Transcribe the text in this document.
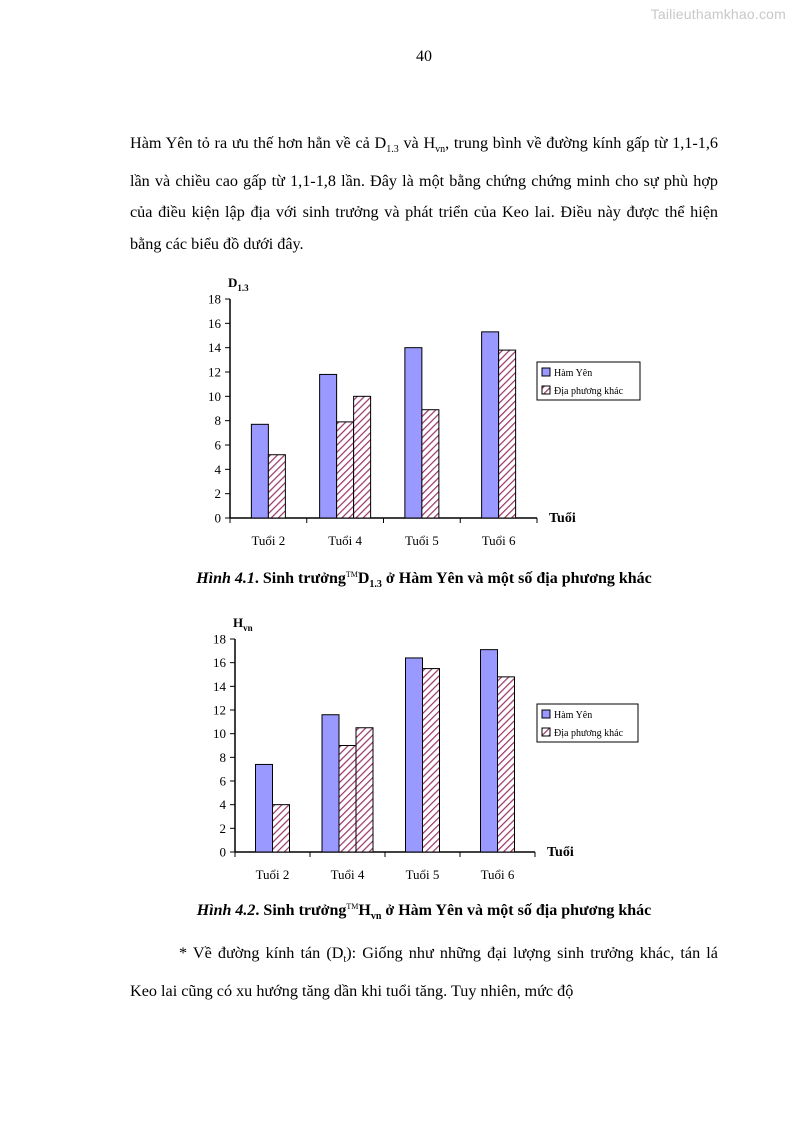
Tailieuthamkhao.com
40

Hàm Yên tỏ ra ưu thế hơn hẳn về cả $D_{1.3}$ và $H_{vn}$, trung bình về đường kính gấp từ 1,1-1,6 lần và chiều cao gấp từ 1,1-1,8 lần. Đây là một bằng chứng chứng minh cho sự phù hợp của điều kiện lập địa với sinh trưởng và phát triển của Keo lai. Điều này được thể hiện bằng các biểu đồ dưới đây.

$D_{1.3}$
0
2
4
6
8
10
12
14
16
18
Tuổi 2	Tuổi 4	Tuổi 5	Tuổi 6
Tuổi
Hàm Yên
Địa phương khác
Hình 4.1. Sinh $trưởng™D_{1.3}$ ở Hàm Yên và một số địa phương khác
$H_{vn}$
0
2
4
6
8
10
12
14
16
18
Tuổi 2	Tuổi 4	Tuổi 5	Tuổi 6
Tuổi
Hàm Yên
Địa phương khác
Hình 4.2. Sinh $trưởng™H_{vn}$ ở Hàm Yên và một số địa phương khác

* Về đường kính tán $(D_t)$: Giống như những đại lượng sinh trưởng khác, tán lá Keo lai cũng có xu hướng tăng dần khi tuổi tăng. Tuy nhiên, mức độ
